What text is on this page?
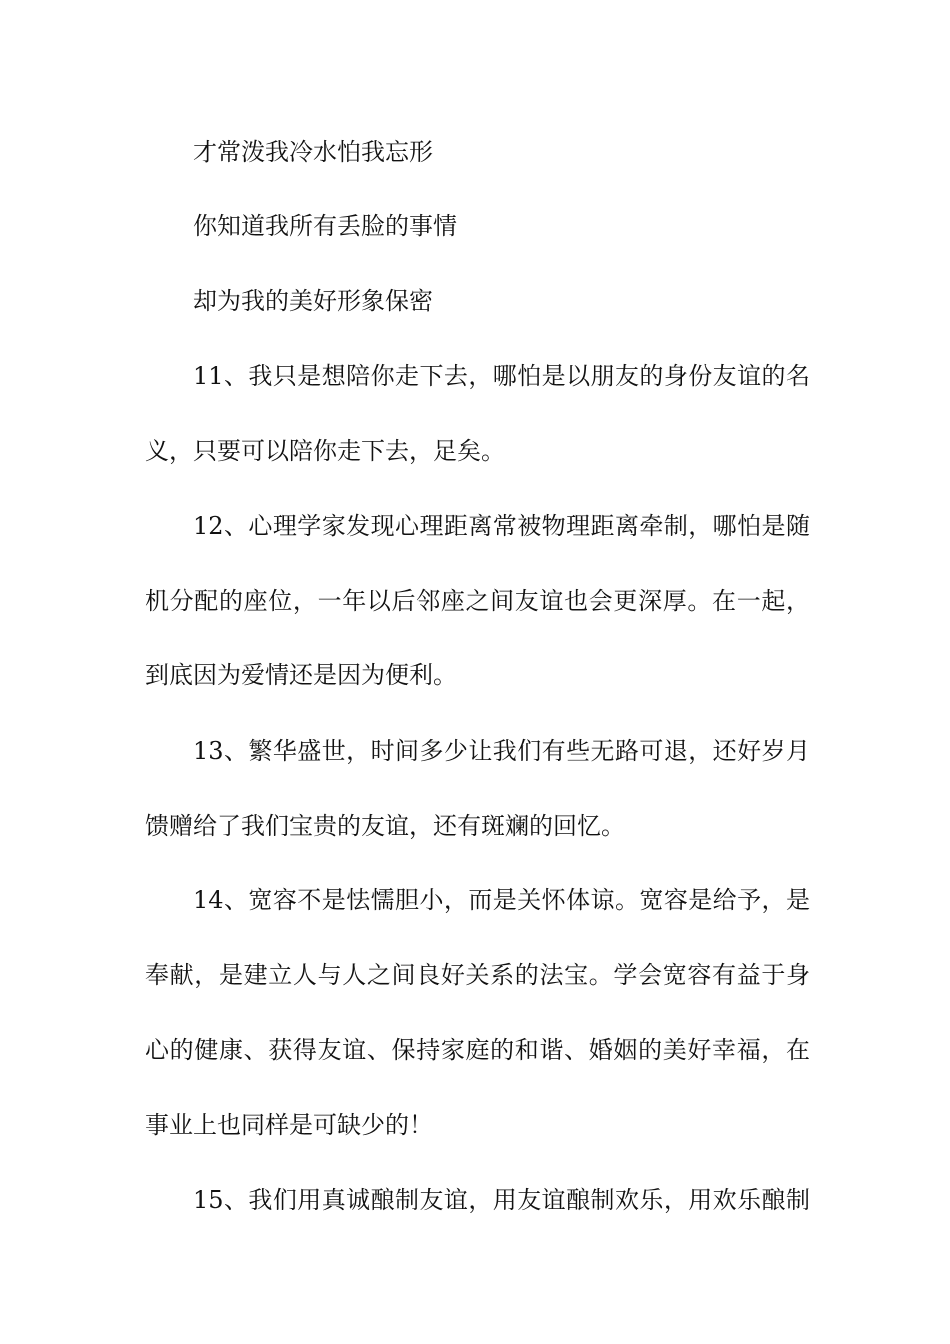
才常泼我冷水怕我忘形
你知道我所有丢脸的事情
却为我的美好形象保密
11、我只是想陪你走下去，哪怕是以朋友的身份友谊的名
义，只要可以陪你走下去，足矣。
12、心理学家发现心理距离常被物理距离牵制，哪怕是随
机分配的座位，一年以后邻座之间友谊也会更深厚。在一起，
到底因为爱情还是因为便利。
13、繁华盛世，时间多少让我们有些无路可退，还好岁月
馈赠给了我们宝贵的友谊，还有斑斓的回忆。
14、宽容不是怯懦胆小，而是关怀体谅。宽容是给予，是
奉献，是建立人与人之间良好关系的法宝。学会宽容有益于身
心的健康、获得友谊、保持家庭的和谐、婚姻的美好幸福，在
事业上也同样是可缺少的！
15、我们用真诚酿制友谊，用友谊酿制欢乐，用欢乐酿制
